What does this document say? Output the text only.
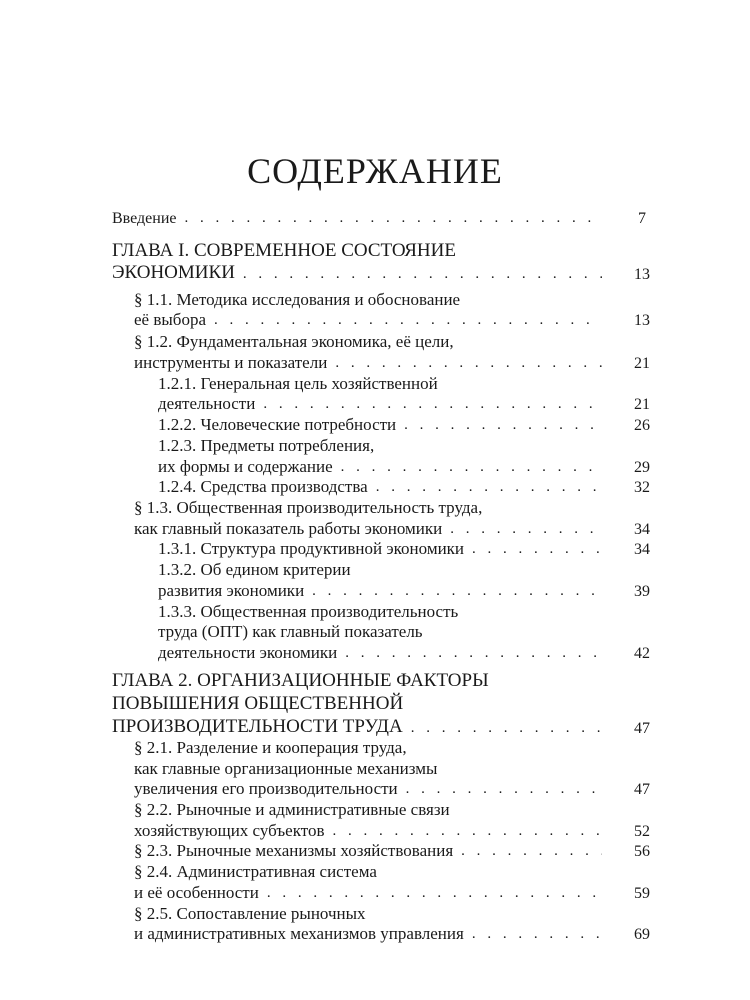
СОДЕРЖАНИЕ
Введение . . .	7
ГЛАВА I. СОВРЕМЕННОЕ СОСТОЯНИЕ
ЭКОНОМИКИ . . .	13
§ 1.1. Методика исследования и обоснование
её выбора . . .	13
§ 1.2. Фундаментальная экономика, её цели,
инструменты и показатели . . .	21
1.2.1. Генеральная цель хозяйственной
деятельности . . .	21
1.2.2. Человеческие потребности . . .	26
1.2.3. Предметы потребления,
их формы и содержание . . .	29
1.2.4. Средства производства . . .	32
§ 1.3. Общественная производительность труда,
как главный показатель работы экономики . . .	34
1.3.1. Структура продуктивной экономики . . .	34
1.3.2. Об едином критерии
развития экономики . . .	39
1.3.3. Общественная производительность
труда (ОПТ) как главный показатель
деятельности экономики . . .	42
ГЛАВА 2. ОРГАНИЗАЦИОННЫЕ ФАКТОРЫ
ПОВЫШЕНИЯ ОБЩЕСТВЕННОЙ
ПРОИЗВОДИТЕЛЬНОСТИ ТРУДА . . .	47
§ 2.1. Разделение и кооперация труда,
как главные организационные механизмы
увеличения его производительности . . .	47
§ 2.2. Рыночные и административные связи
хозяйствующих субъектов . . .	52
§ 2.3. Рыночные механизмы хозяйствования . . .	56
§ 2.4. Административная система
и её особенности . . .	59
§ 2.5. Сопоставление рыночных
и административных механизмов управления . . .	69
